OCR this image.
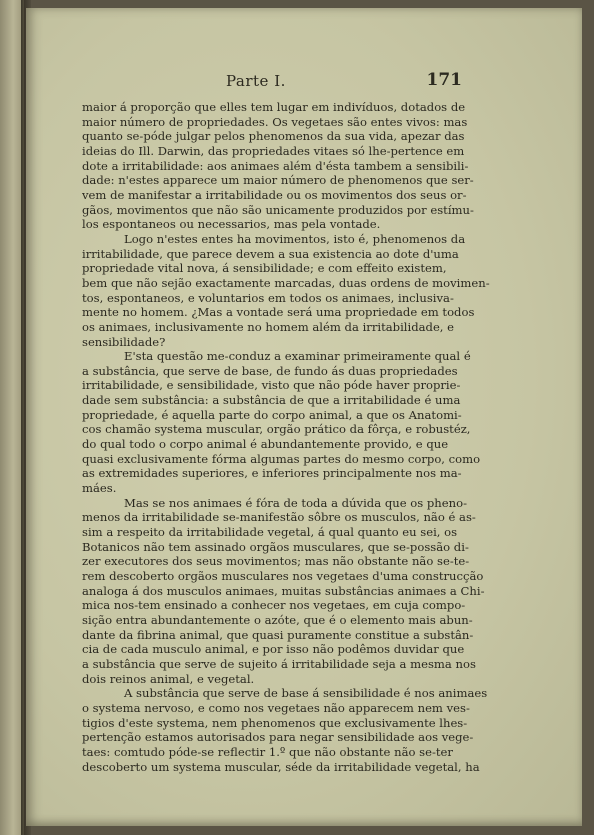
Parte I.	171

maior á proporção que elles tem lugar em indivíduos, dotados de
maior número de propriedades. Os vegetaes são entes vivos: mas
quanto se-póde julgar pelos phenomenos da sua vida, apezar das
ideias do Ill. Darwin, das propriedades vitaes só lhe-pertence em
dote a irritabilidade: aos animaes além d'ésta tambem a sensibili-
dade: n'estes apparece um maior número de phenomenos que ser-
vem de manifestar a irritabilidade ou os movimentos dos seus or-
gãos, movimentos que não são unicamente produzidos por estímu-
los espontaneos ou necessarios, mas pela vontade.

Logo n'estes entes ha movimentos, isto é, phenomenos da
irritabilidade, que parece devem a sua existencia ao dote d'uma
propriedade vital nova, á sensibilidade; e com effeito existem,
bem que não sejão exactamente marcadas, duas ordens de movimen-
tos, espontaneos, e voluntarios em todos os animaes, inclusiva-
mente no homem. ¿Mas a vontade será uma propriedade em todos
os animaes, inclusivamente no homem além da irritabilidade, e
sensibilidade?

E'sta questão me-conduz a examinar primeiramente qual é
a substância, que serve de base, de fundo ás duas propriedades
irritabilidade, e sensibilidade, visto que não póde haver proprie-
dade sem substância: a substância de que a irritabilidade é uma
propriedade, é aquella parte do corpo animal, a que os Anatomi-
cos chamão systema muscular, orgão prático da fôrça, e robustéz,
do qual todo o corpo animal é abundantemente provido, e que
quasi exclusivamente fórma algumas partes do mesmo corpo, como
as extremidades superiores, e inferiores principalmente nos ma-
máes.

Mas se nos animaes é fóra de toda a dúvida que os pheno-
menos da irritabilidade se-manifestão sôbre os musculos, não é as-
sim a respeito da irritabilidade vegetal, á qual quanto eu sei, os
Botanicos não tem assinado orgãos musculares, que se-possão di-
zer executores dos seus movimentos; mas não obstante não se-te-
rem descoberto orgãos musculares nos vegetaes d'uma construcção
analoga á dos musculos animaes, muitas substâncias animaes a Chi-
mica nos-tem ensinado a conhecer nos vegetaes, em cuja compo-
sição entra abundantemente o azóte, que é o elemento mais abun-
dante da fibrina animal, que quasi puramente constitue a substân-
cia de cada musculo animal, e por isso não podêmos duvidar que
a substância que serve de sujeito á irritabilidade seja a mesma nos
dois reinos animal, e vegetal.

A substância que serve de base á sensibilidade é nos animaes
o systema nervoso, e como nos vegetaes não apparecem nem ves-
tigios d'este systema, nem phenomenos que exclusivamente lhes-
pertenção estamos autorisados para negar sensibilidade aos vege-
taes: comtudo póde-se reflectir 1.º que não obstante não se-ter
descoberto um systema muscular, séde da irritabilidade vegetal, ha
